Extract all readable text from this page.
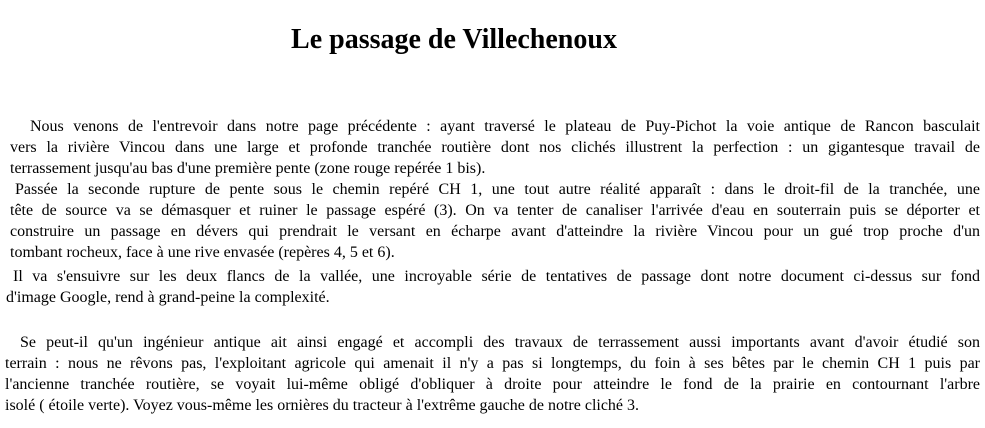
Le passage de Villechenoux
Nous venons de l'entrevoir dans notre page précédente : ayant traversé le plateau de Puy-Pichot la voie antique de Rancon basculait
vers la rivière Vincou dans une large et profonde tranchée routière dont nos clichés illustrent la perfection : un gigantesque travail de
terrassement jusqu'au bas d'une première pente (zone rouge repérée 1 bis).
Passée la seconde rupture de pente sous le chemin repéré CH 1, une tout autre réalité apparaît : dans le droit-fil de la tranchée, une
tête de source va se démasquer et ruiner le passage espéré (3). On va tenter de canaliser l'arrivée d'eau en souterrain puis se déporter et
construire un passage en dévers qui prendrait le versant en écharpe avant d'atteindre la rivière Vincou pour un gué trop proche d'un
tombant rocheux, face à une rive envasée (repères 4, 5 et 6).
Il va s'ensuivre sur les deux flancs de la vallée, une incroyable série de tentatives de passage dont notre document ci-dessus sur fond
d'image Google, rend à grand-peine la complexité.
Se peut-il qu'un ingénieur antique ait ainsi engagé et accompli des travaux de terrassement aussi importants avant d'avoir étudié son
terrain : nous ne rêvons pas, l'exploitant agricole qui amenait il n'y a pas si longtemps, du foin à ses bêtes par le chemin CH 1 puis par
l'ancienne tranchée routière, se voyait lui-même obligé d'obliquer à droite pour atteindre le fond de la prairie en contournant l'arbre
isolé ( étoile verte). Voyez vous-même les ornières du tracteur à l'extrême gauche de notre cliché 3.
